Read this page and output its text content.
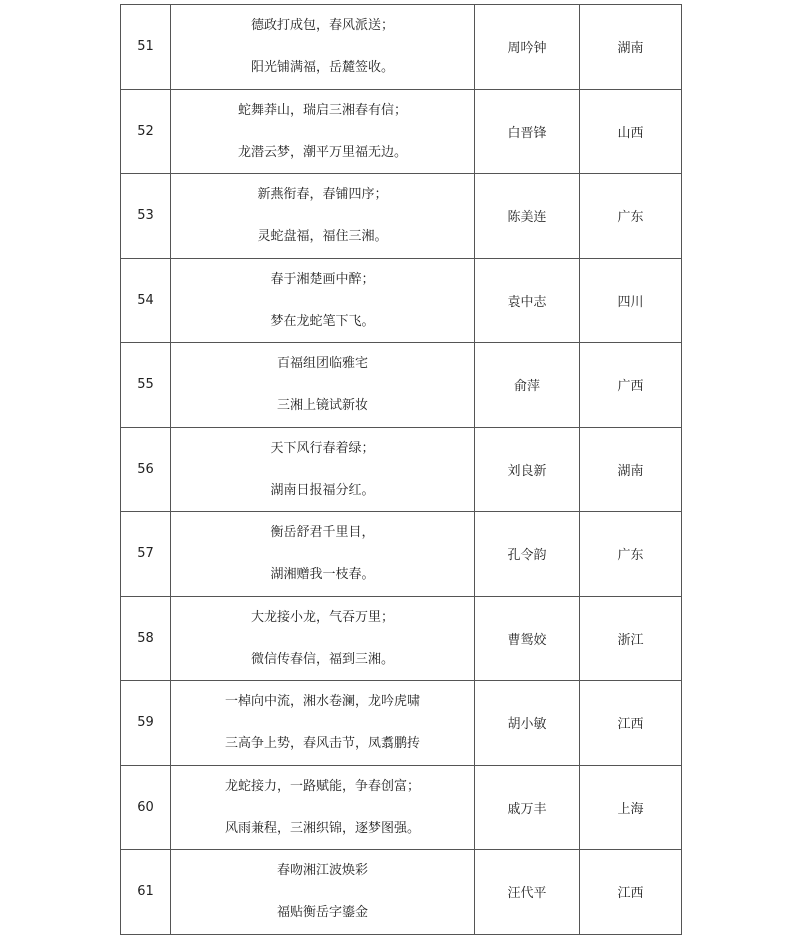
51	德政打成包，春风派送；
阳光铺满福，岳麓签收。	周吟钟	湖南
52	蛇舞莽山，瑞启三湘春有信；
龙潜云梦，潮平万里福无边。	白晋锋	山西
53	新燕衔春，春铺四序；
灵蛇盘福，福住三湘。	陈美连	广东
54	春于湘楚画中醉；
梦在龙蛇笔下飞。	袁中志	四川
55	百福组团临雅宅
三湘上镜试新妆	俞萍	广西
56	天下风行春着绿；
湖南日报福分红。	刘良新	湖南
57	衡岳舒君千里目，
湖湘赠我一枝春。	孔令韵	广东
58	大龙接小龙，气吞万里；
微信传春信，福到三湘。	曹鸳姣	浙江
59	一棹向中流，湘水卷澜，龙吟虎啸
三高争上势，春风击节，凤翥鹏抟	胡小敏	江西
60	龙蛇接力，一路赋能，争春创富；
风雨兼程，三湘织锦，逐梦图强。	戚万丰	上海
61	春吻湘江波焕彩
福贴衡岳字鎏金	汪代平	江西
